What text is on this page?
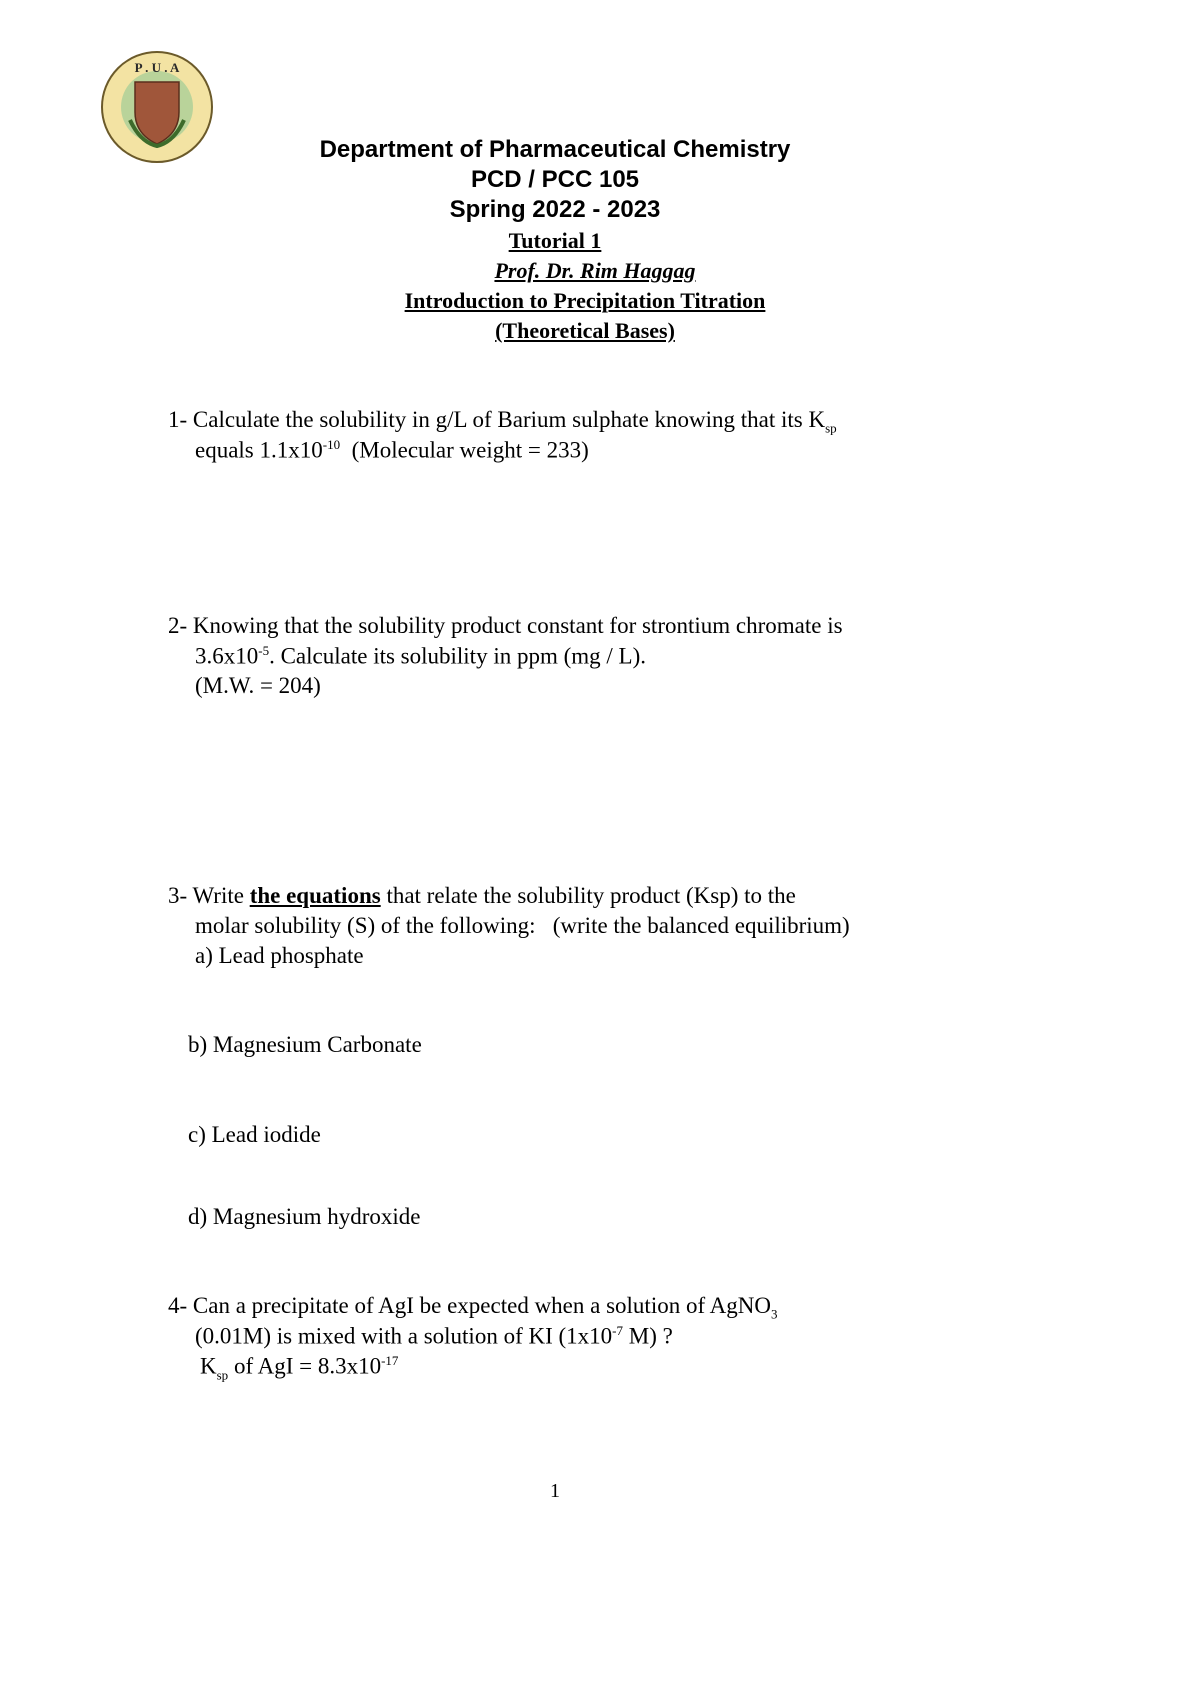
P . U . A
Department of Pharmaceutical Chemistry
PCD / PCC 105
Spring 2022 - 2023
Tutorial 1
Prof. Dr. Rim Haggag
Introduction to Precipitation Titration
(Theoretical Bases)
1- Calculate the solubility in g/L of Barium sulphate knowing that its $K_{sp}$
equals $1.1x10^{-10}$  (Molecular weight = 233)
2- Knowing that the solubility product constant for strontium chromate is
$3.6x10^{-5}$. Calculate its solubility in ppm (mg / L).
(M.W. = 204)
3- Write the equations that relate the solubility product (Ksp) to the
molar solubility (S) of the following:   (write the balanced equilibrium)
a) Lead phosphate
b) Magnesium Carbonate
c) Lead iodide
d) Magnesium hydroxide
4- Can a precipitate of AgI be expected when a solution of AgNO$_3$
(0.01M) is mixed with a solution of KI ($1x10^{-7}$ M) ?
$K_{sp}$ of AgI = $8.3x10^{-17}$
1
